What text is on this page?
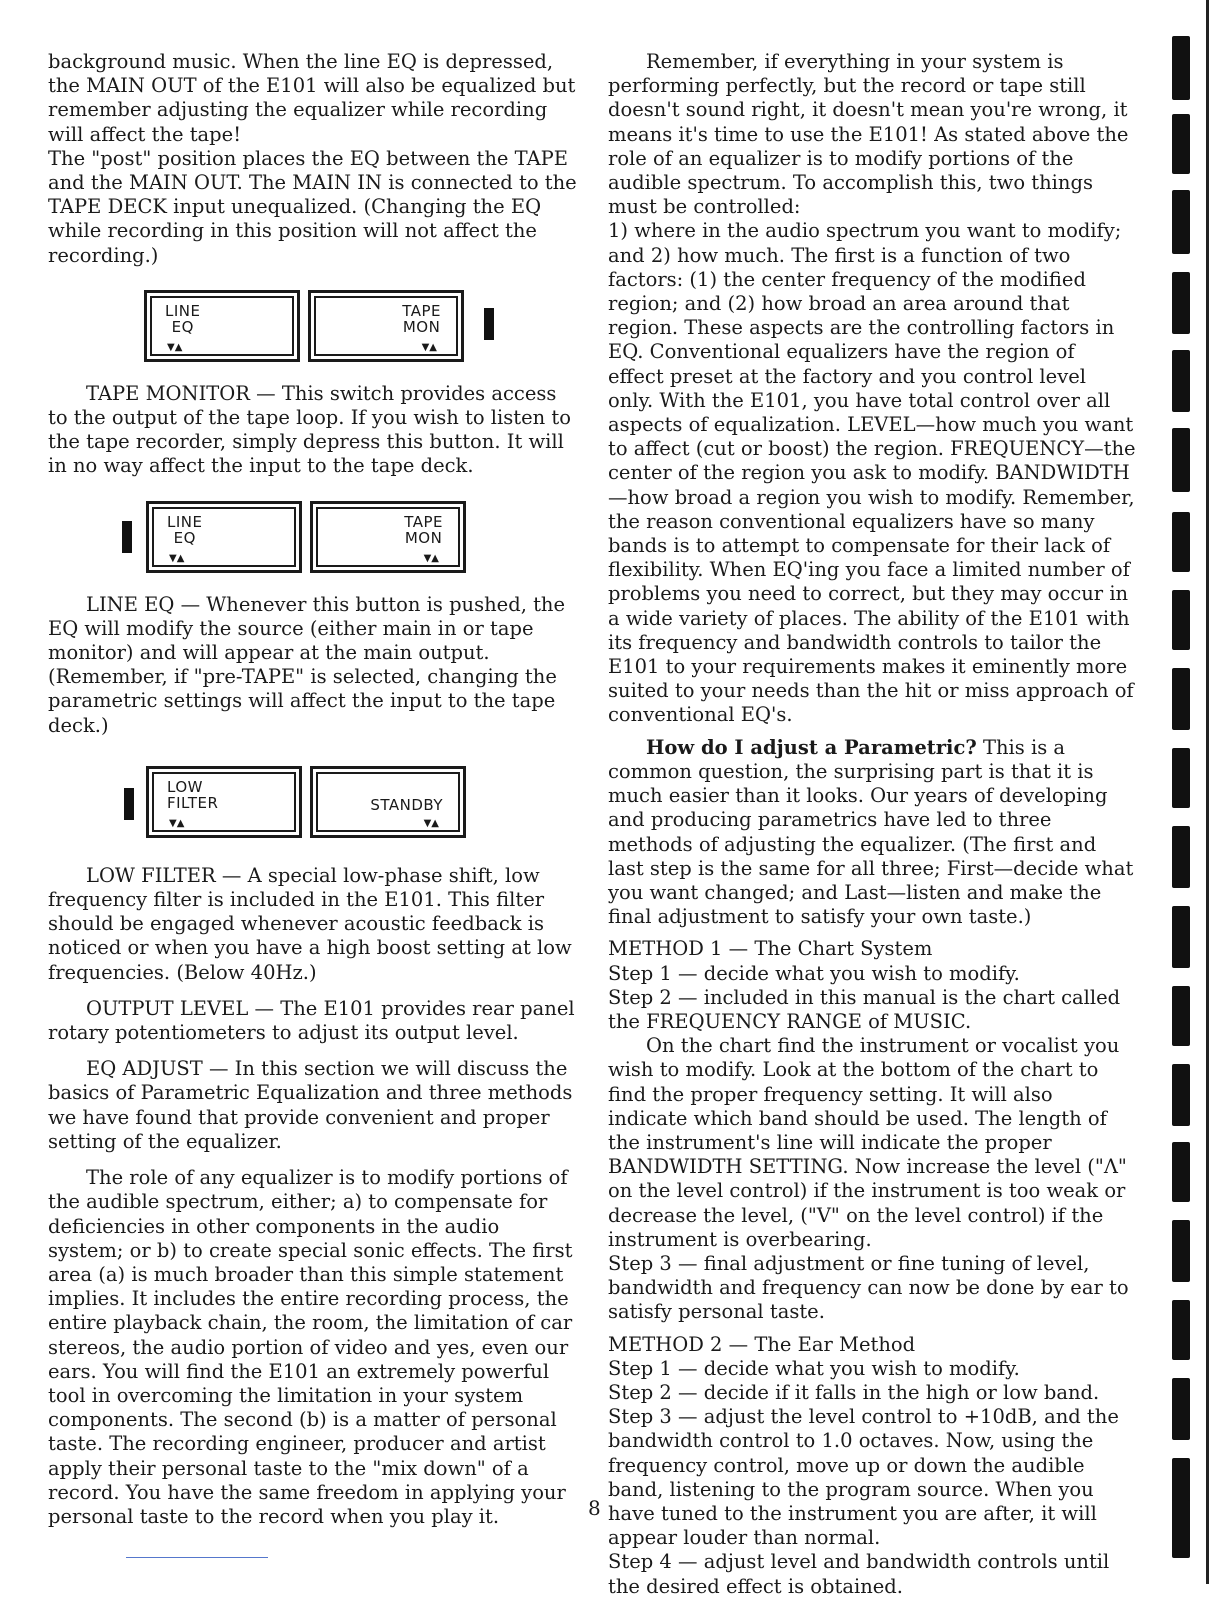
background music. When the line EQ is depressed, the MAIN OUT of the E101 will also be equalized but remember adjusting the equalizer while recording will affect the tape!

The "post" position places the EQ between the TAPE and the MAIN OUT. The MAIN IN is connected to the TAPE DECK input unequalized. (Changing the EQ while recording in this position will not affect the recording.)

LINE
EQ
▼▲
TAPE
MON
▼▲

TAPE MONITOR — This switch provides access to the output of the tape loop. If you wish to listen to the tape recorder, simply depress this button. It will in no way affect the input to the tape deck.

LINE
EQ
▼▲
TAPE
MON
▼▲

LINE EQ — Whenever this button is pushed, the EQ will modify the source (either main in or tape monitor) and will appear at the main output. (Remember, if "pre-TAPE" is selected, changing the parametric settings will affect the input to the tape deck.)

LOW
FILTER
▼▲
STANDBY
▼▲

LOW FILTER — A special low-phase shift, low frequency filter is included in the E101. This filter should be engaged whenever acoustic feedback is noticed or when you have a high boost setting at low frequencies. (Below 40Hz.)

OUTPUT LEVEL — The E101 provides rear panel rotary potentiometers to adjust its output level.

EQ ADJUST — In this section we will discuss the basics of Parametric Equalization and three methods we have found that provide convenient and proper setting of the equalizer.

The role of any equalizer is to modify portions of the audible spectrum, either; a) to compensate for deficiencies in other components in the audio system; or b) to create special sonic effects. The first area (a) is much broader than this simple statement implies. It includes the entire recording process, the entire playback chain, the room, the limitation of car stereos, the audio portion of video and yes, even our ears. You will find the E101 an extremely powerful tool in overcoming the limitation in your system components. The second (b) is a matter of personal taste. The recording engineer, producer and artist apply their personal taste to the "mix down" of a record. You have the same freedom in applying your personal taste to the record when you play it.

Remember, if everything in your system is performing perfectly, but the record or tape still doesn't sound right, it doesn't mean you're wrong, it means it's time to use the E101! As stated above the role of an equalizer is to modify portions of the audible spectrum. To accomplish this, two things must be controlled:

1) where in the audio spectrum you want to modify; and 2) how much. The first is a function of two factors: (1) the center frequency of the modified region; and (2) how broad an area around that region. These aspects are the controlling factors in EQ. Conventional equalizers have the region of effect preset at the factory and you control level only. With the E101, you have total control over all aspects of equalization. LEVEL—how much you want to affect (cut or boost) the region. FREQUENCY—the center of the region you ask to modify. BANDWIDTH—how broad a region you wish to modify. Remember, the reason conventional equalizers have so many bands is to attempt to compensate for their lack of flexibility. When EQ'ing you face a limited number of problems you need to correct, but they may occur in a wide variety of places. The ability of the E101 with its frequency and bandwidth controls to tailor the E101 to your requirements makes it eminently more suited to your needs than the hit or miss approach of conventional EQ's.

How do I adjust a Parametric? This is a common question, the surprising part is that it is much easier than it looks. Our years of developing and producing parametrics have led to three methods of adjusting the equalizer. (The first and last step is the same for all three; First—decide what you want changed; and Last—listen and make the final adjustment to satisfy your own taste.)

METHOD 1 — The Chart System

Step 1 — decide what you wish to modify.

Step 2 — included in this manual is the chart called the FREQUENCY RANGE of MUSIC.

On the chart find the instrument or vocalist you wish to modify. Look at the bottom of the chart to find the proper frequency setting. It will also indicate which band should be used. The length of the instrument's line will indicate the proper BANDWIDTH SETTING. Now increase the level ("Λ" on the level control) if the instrument is too weak or decrease the level, ("V" on the level control) if the instrument is overbearing.

Step 3 — final adjustment or fine tuning of level, bandwidth and frequency can now be done by ear to satisfy personal taste.

METHOD 2 — The Ear Method

Step 1 — decide what you wish to modify.

Step 2 — decide if it falls in the high or low band.

Step 3 — adjust the level control to +10dB, and the bandwidth control to 1.0 octaves. Now, using the frequency control, move up or down the audible band, listening to the program source. When you have tuned to the instrument you are after, it will appear louder than normal.

Step 4 — adjust level and bandwidth controls until the desired effect is obtained.

8
